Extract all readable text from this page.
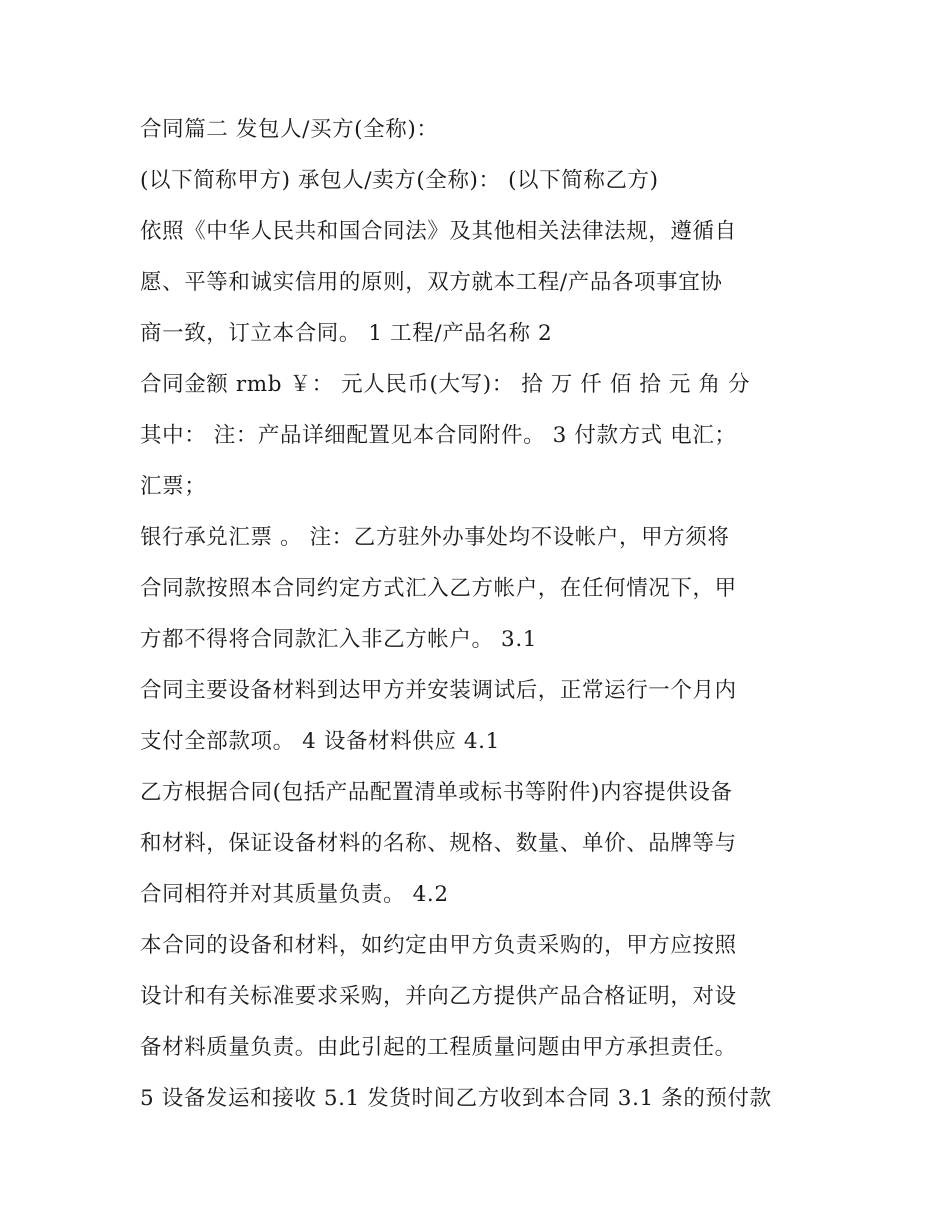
合同篇二 发包人/买方(全称)：
(以下简称甲方) 承包人/卖方(全称)： (以下简称乙方)
依照《中华人民共和国合同法》及其他相关法律法规，遵循自
愿、平等和诚实信用的原则，双方就本工程/产品各项事宜协
商一致，订立本合同。 1 工程/产品名称 2
合同金额 rmb ￥： 元人民币(大写)： 拾 万 仟 佰 拾 元 角 分
其中： 注：产品详细配置见本合同附件。 3 付款方式 电汇；
汇票；
银行承兑汇票 。 注：乙方驻外办事处均不设帐户，甲方须将
合同款按照本合同约定方式汇入乙方帐户，在任何情况下，甲
方都不得将合同款汇入非乙方帐户。 3.1
合同主要设备材料到达甲方并安装调试后，正常运行一个月内
支付全部款项。 4 设备材料供应 4.1
乙方根据合同(包括产品配置清单或标书等附件)内容提供设备
和材料，保证设备材料的名称、规格、数量、单价、品牌等与
合同相符并对其质量负责。 4.2
本合同的设备和材料，如约定由甲方负责采购的，甲方应按照
设计和有关标准要求采购，并向乙方提供产品合格证明，对设
备材料质量负责。由此引起的工程质量问题由甲方承担责任。
5 设备发运和接收 5.1 发货时间乙方收到本合同 3.1 条的预付款
